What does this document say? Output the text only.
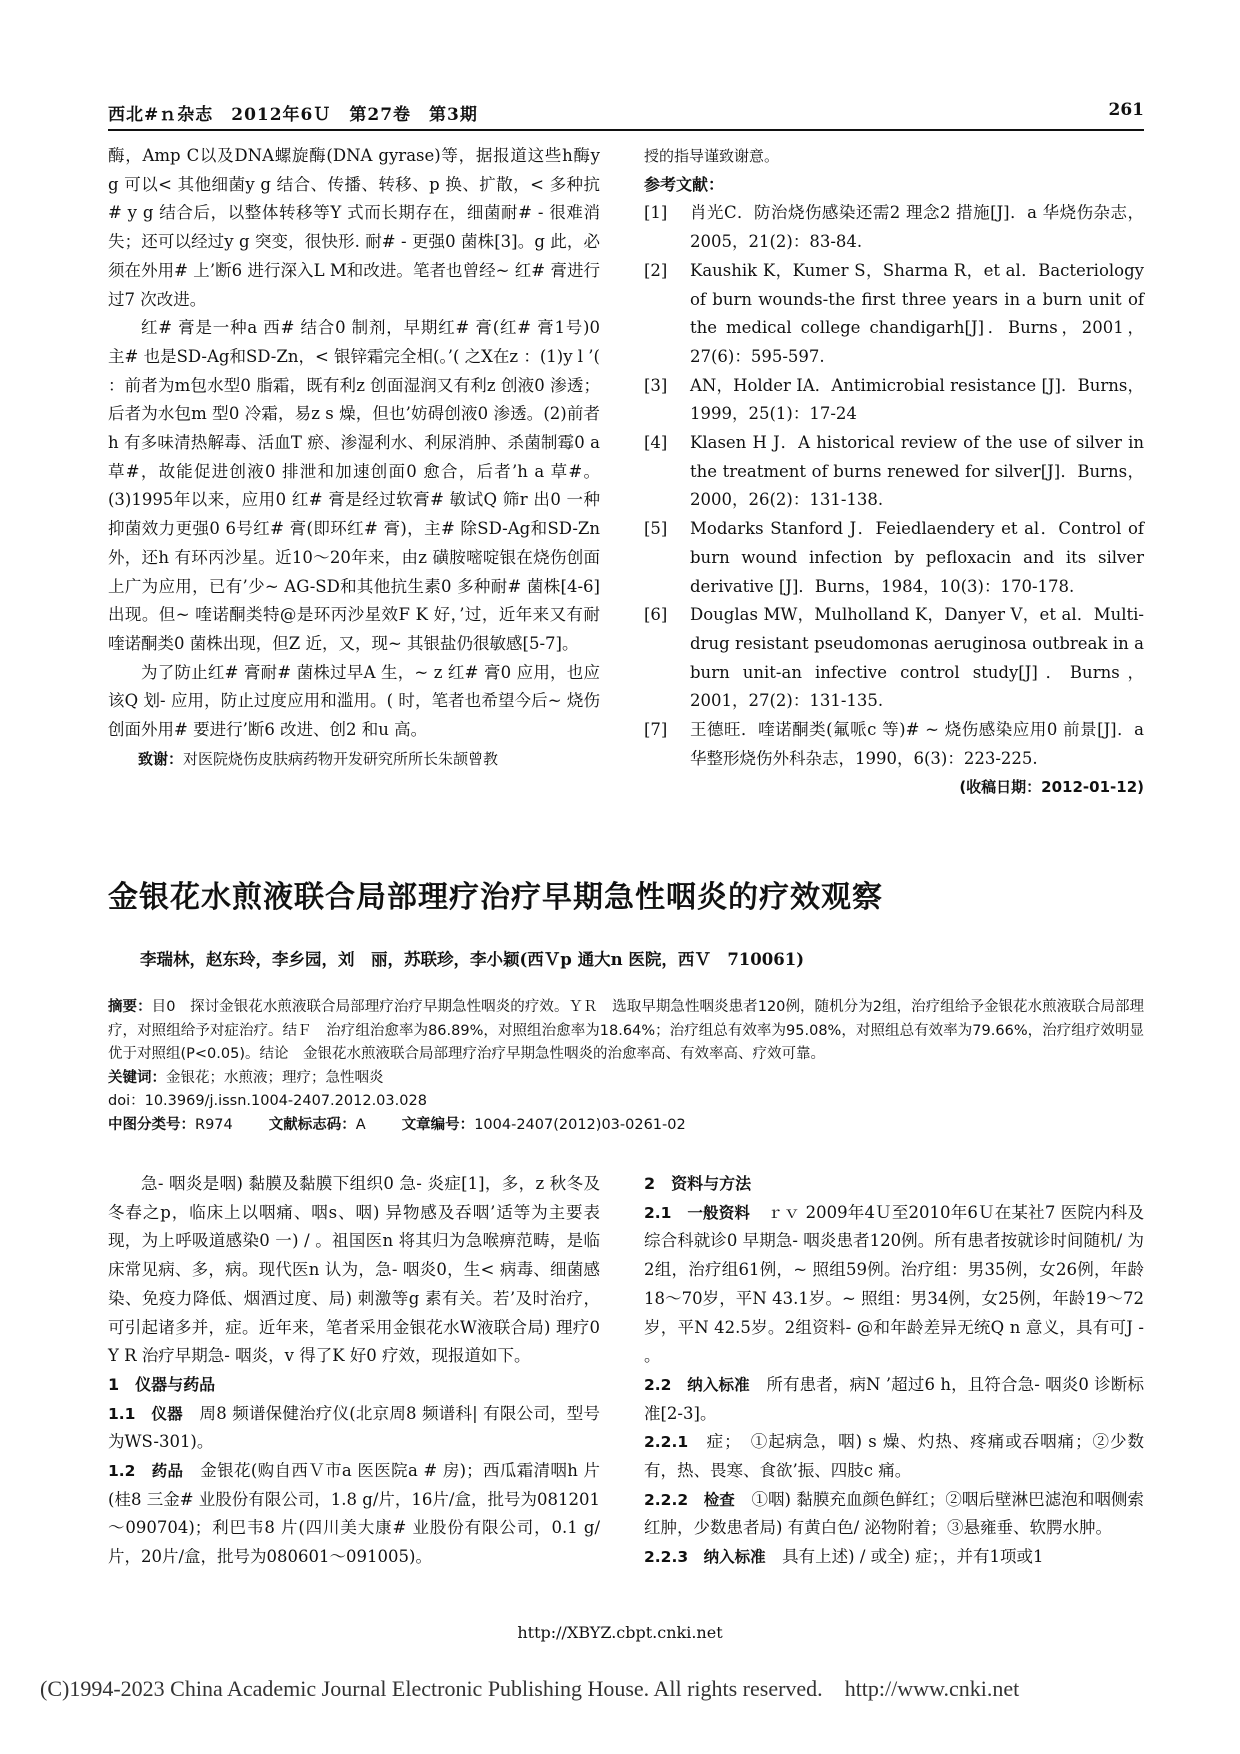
西北#ｎ杂志　2012年6Ｕ　第27卷　第3期	261

酶，Amp C以及DNA螺旋酶(DNA gyrase)等，据报道这些h酶y g 可以< 其他细菌y g 结合、传播、转移、p 换、扩散，< 多种抗# y g 结合后，以整体转移等Y 式而长期存在，细菌耐# - 很难消失；还可以经过y g 突变，很快形. 耐# - 更强0 菌株[3]。g 此，必须在外用# 上’断6 进行深入L M和改进。笔者也曾经~ 红# 膏进行过7 次改进。

红# 膏是一种a 西# 结合0 制剂，早期红# 膏(红# 膏1号)0 主# 也是SD-Ag和SD-Zn，< 银锌霜完全相(。’( 之X在z ：(1)y l ’( ：前者为m包水型0 脂霜，既有利z 创面湿润又有利z 创液0 渗透；后者为水包m 型0 冷霜，易z s 燥，但也’妨碍创液0 渗透。(2)前者h 有多味清热解毒、活血T 瘀、渗湿利水、利尿消肿、杀菌制霉0 a 草#，故能促进创液0 排泄和加速创面0 愈合，后者’h a 草#。(3)1995年以来，应用0 红# 膏是经过软膏# 敏试Q 筛r 出0 一种抑菌效力更强0 6号红# 膏(即环红# 膏)，主# 除SD-Ag和SD-Zn外，还h 有环丙沙星。近10～20年来，由z 磺胺嘧啶银在烧伤创面上广为应用，已有’少~ AG-SD和其他抗生素0 多种耐# 菌株[4-6]出现。但~ 喹诺酮类特@是环丙沙星效F K 好，’过，近年来又有耐喹诺酮类0 菌株出现，但Z 近，又，现~ 其银盐仍很敏感[5-7]。

为了防止红# 膏耐# 菌株过早A 生，~ z 红# 膏0 应用，也应该Q 划- 应用，防止过度应用和滥用。( 时，笔者也希望今后~ 烧伤创面外用# 要进行’断6 改进、创2 和u 高。

致谢：对医院烧伤皮肤病药物开发研究所所长朱颉曾教

授的指导谨致谢意。

参考文献：

[1] 肖光C．防治烧伤感染还需2 理念2 措施[J]．a 华烧伤杂志，2005，21(2)：83-84.
[2] Kaushik K，Kumer S，Sharma R，et al．Bacteriology of burn wounds-the first three years in a burn unit of the medical college chandigarh[J]．Burns，2001，27(6)：595-597.
[3] AN，Holder IA．Antimicrobial resistance [J]．Burns，1999，25(1)：17-24
[4] Klasen H J．A historical review of the use of silver in the treatment of burns renewed for silver[J]．Burns，2000，26(2)：131-138.
[5] Modarks Stanford J．Feiedlaendery et al．Control of burn wound infection by pefloxacin and its silver derivative [J]．Burns，1984，10(3)：170-178.
[6] Douglas MW，Mulholland K，Danyer V，et al．Multi-drug resistant pseudomonas aeruginosa outbreak in a burn unit-an infective control study[J]．Burns，2001，27(2)：131-135.
[7] 王德旺．喹诺酮类(氟哌c 等)# ~ 烧伤感染应用0 前景[J]．a 华整形烧伤外科杂志，1990，6(3)：223-225.

(收稿日期：2012-01-12)

金银花水煎液联合局部理疗治疗早期急性咽炎的疗效观察
李瑞林，赵东玲，李乡园，刘　丽，苏联珍，李小颖(西Ｖp 通大n 医院，西Ｖ　710061)

摘要：目0　探讨金银花水煎液联合局部理疗治疗早期急性咽炎的疗效。ＹＲ　选取早期急性咽炎患者120例，随机分为2组，治疗组给予金银花水煎液联合局部理疗，对照组给予对症治疗。结Ｆ　治疗组治愈率为86.89%，对照组治愈率为18.64%；治疗组总有效率为95.08%，对照组总有效率为79.66%，治疗组疗效明显优于对照组(P<0.05)。结论　金银花水煎液联合局部理疗治疗早期急性咽炎的治愈率高、有效率高、疗效可靠。

关键词：金银花；水煎液；理疗；急性咽炎

doi：10.3969/j.issn.1004-2407.2012.03.028

中图分类号：R974 文献标志码：A 文章编号：1004-2407(2012)03-0261-02

急- 咽炎是咽) 黏膜及黏膜下组织0 急- 炎症[1]，多，z 秋冬及冬春之p，临床上以咽痛、咽s、咽) 异物感及吞咽’适等为主要表现，为上呼吸道感染0 一) / 。祖国医n 将其归为急喉痹范畴，是临床常见病、多，病。现代医n 认为，急- 咽炎0，生< 病毒、细菌感染、免疫力降低、烟酒过度、局) 刺激等g 素有关。若’及时治疗，可引起诸多并，症。近年来，笔者采用金银花水W液联合局) 理疗0 Y R 治疗早期急- 咽炎，v 得了K 好0 疗效，现报道如下。

1　仪器与药品

1.1　仪器　 周8 频谱保健治疗仪(北京周8 频谱科| 有限公司，型号为WS-301)。

1.2　药品　 金银花(购自西Ｖ市a 医医院a # 房)；西瓜霜清咽h 片(桂8 三金# 业股份有限公司，1.8 g/片，16片/盒，批号为081201～090704)；利巴韦8 片(四川美大康# 业股份有限公司，0.1 g/片，20片/盒，批号为080601～091005)。

2　资料与方法

2.1　一般资料　 ｒｖ 2009年4Ｕ至2010年6Ｕ在某社7 医院内科及综合科就诊0 早期急- 咽炎患者120例。所有患者按就诊时间随机/ 为2组，治疗组61例，~ 照组59例。治疗组：男35例，女26例，年龄18～70岁，平N 43.1岁。~ 照组：男34例，女25例，年龄19～72岁，平N 42.5岁。2组资料- @和年龄差异无统Q n 意义，具有可J - 。

2.2　纳入标准　 所有患者，病N ’超过6 h，且符合急- 咽炎0 诊断标准[2-3]。

2.2.1　 症；　①起病急，咽) s 燥、灼热、疼痛或吞咽痛；②少数有，热、畏寒、食欲’振、四肢c 痛。

2.2.2　检查　 ①咽) 黏膜充血颜色鲜红；②咽后壁淋巴滤泡和咽侧索红肿，少数患者局) 有黄白色/ 泌物附着；③悬雍垂、软腭水肿。

2.2.3　纳入标准　 具有上述) / 或全) 症；，并有1项或1

http://XBYZ.cbpt.cnki.net
(C)1994-2023 China Academic Journal Electronic Publishing House. All rights reserved. http://www.cnki.net
